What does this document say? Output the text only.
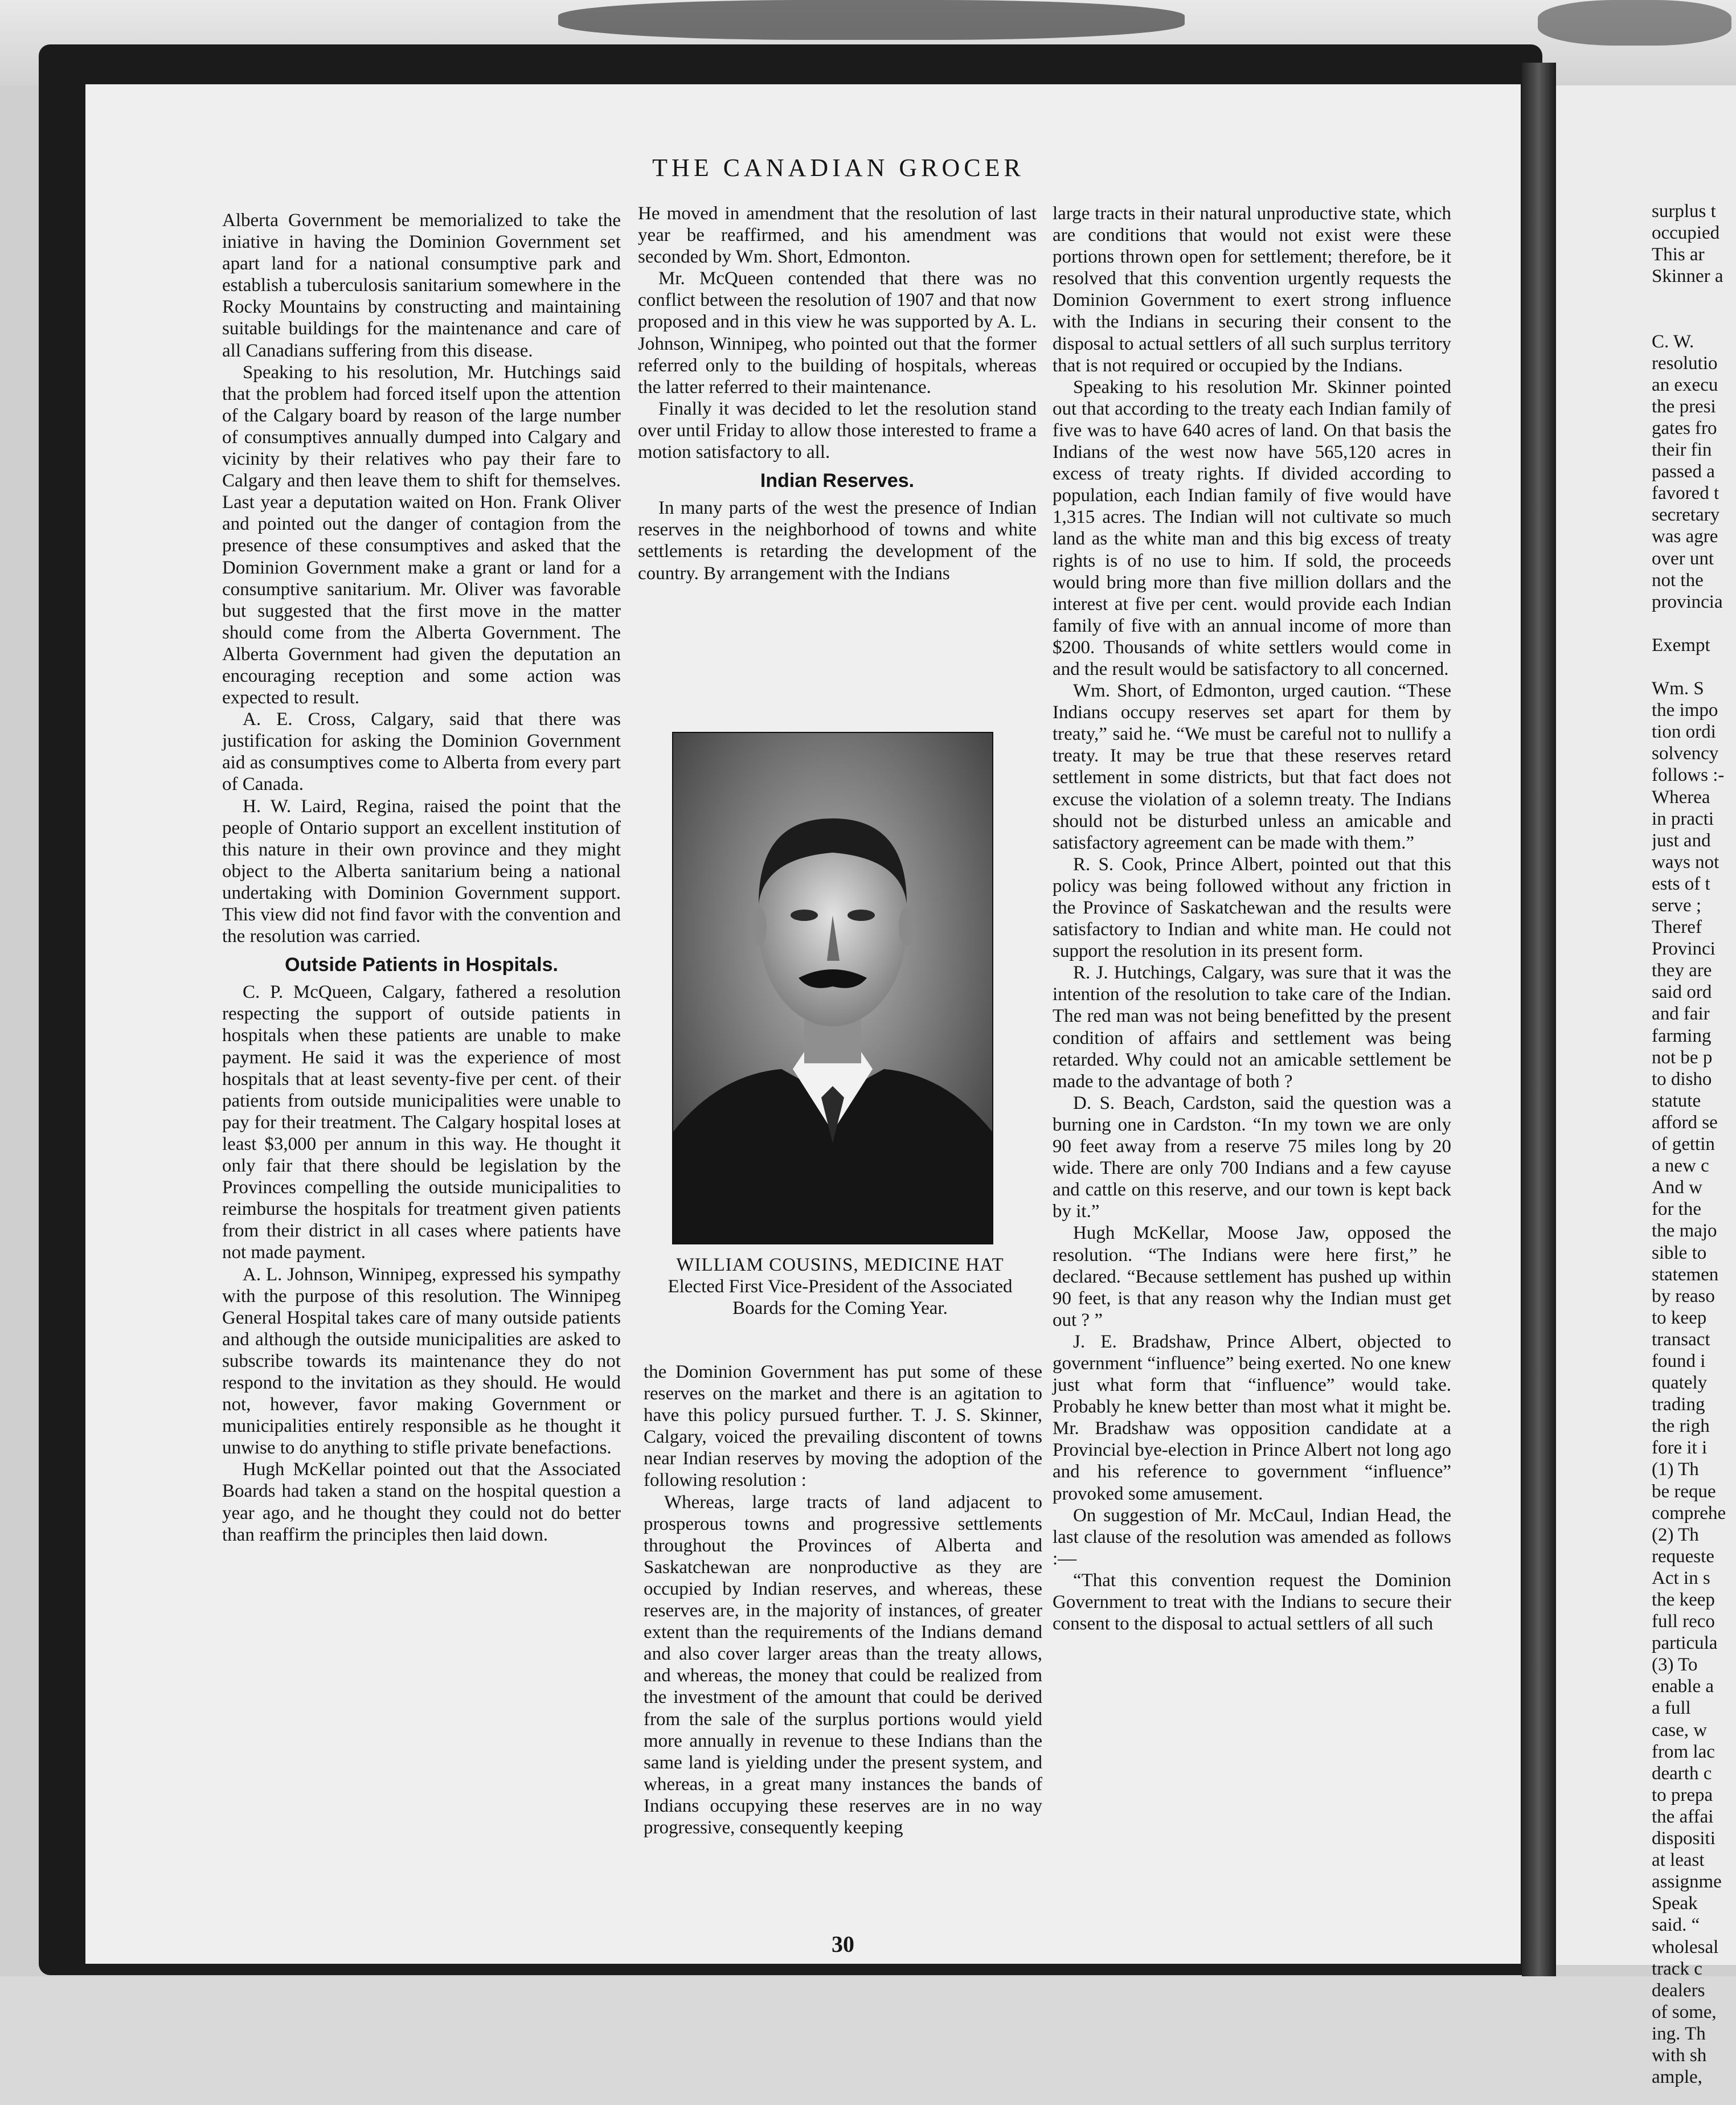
THE CANADIAN GROCER

Alberta Government be memorialized to take the iniative in having the Dominion Government set apart land for a national consumptive park and establish a tuberculosis sanitarium somewhere in the Rocky Mountains by constructing and maintaining suitable buildings for the maintenance and care of all Canadians suffering from this disease.

Speaking to his resolution, Mr. Hutchings said that the problem had forced itself upon the attention of the Calgary board by reason of the large number of consumptives annually dumped into Calgary and vicinity by their relatives who pay their fare to Calgary and then leave them to shift for themselves. Last year a deputation waited on Hon. Frank Oliver and pointed out the danger of contagion from the presence of these consumptives and asked that the Dominion Government make a grant or land for a consumptive sanitarium. Mr. Oliver was favorable but suggested that the first move in the matter should come from the Alberta Government. The Alberta Government had given the deputation an encouraging reception and some action was expected to result.

A. E. Cross, Calgary, said that there was justification for asking the Dominion Government aid as consumptives come to Alberta from every part of Canada.

H. W. Laird, Regina, raised the point that the people of Ontario support an excellent institution of this nature in their own province and they might object to the Alberta sanitarium being a national undertaking with Dominion Government support. This view did not find favor with the convention and the resolution was carried.

Outside Patients in Hospitals.

C. P. McQueen, Calgary, fathered a resolution respecting the support of outside patients in hospitals when these patients are unable to make payment. He said it was the experience of most hospitals that at least seventy-five per cent. of their patients from outside municipalities were unable to pay for their treatment. The Calgary hospital loses at least $3,000 per annum in this way. He thought it only fair that there should be legislation by the Provinces compelling the outside municipalities to reimburse the hospitals for treatment given patients from their district in all cases where patients have not made payment.

A. L. Johnson, Winnipeg, expressed his sympathy with the purpose of this resolution. The Winnipeg General Hospital takes care of many outside patients and although the outside municipalities are asked to subscribe towards its maintenance they do not respond to the invitation as they should. He would not, however, favor making Government or municipalities entirely responsible as he thought it unwise to do anything to stifle private benefactions.

Hugh McKellar pointed out that the Associated Boards had taken a stand on the hospital question a year ago, and he thought they could not do better than reaffirm the principles then laid down.

He moved in amendment that the resolution of last year be reaffirmed, and his amendment was seconded by Wm. Short, Edmonton.

Mr. McQueen contended that there was no conflict between the resolution of 1907 and that now proposed and in this view he was supported by A. L. Johnson, Winnipeg, who pointed out that the former referred only to the building of hospitals, whereas the latter referred to their maintenance.

Finally it was decided to let the resolution stand over until Friday to allow those interested to frame a motion satisfactory to all.

Indian Reserves.

In many parts of the west the presence of Indian reserves in the neighborhood of towns and white settlements is retarding the development of the country. By arrangement with the Indians

WILLIAM COUSINS, MEDICINE HAT
Elected First Vice-President of the Associated Boards for the Coming Year.

the Dominion Government has put some of these reserves on the market and there is an agitation to have this policy pursued further. T. J. S. Skinner, Calgary, voiced the prevailing discontent of towns near Indian reserves by moving the adoption of the following resolution :

Whereas, large tracts of land adjacent to prosperous towns and progressive settlements throughout the Provinces of Alberta and Saskatchewan are nonproductive as they are occupied by Indian reserves, and whereas, these reserves are, in the majority of instances, of greater extent than the requirements of the Indians demand and also cover larger areas than the treaty allows, and whereas, the money that could be realized from the investment of the amount that could be derived from the sale of the surplus portions would yield more annually in revenue to these Indians than the same land is yielding under the present system, and whereas, in a great many instances the bands of Indians occupying these reserves are in no way progressive, consequently keeping

large tracts in their natural unproductive state, which are conditions that would not exist were these portions thrown open for settlement; therefore, be it resolved that this convention urgently requests the Dominion Government to exert strong influence with the Indians in securing their consent to the disposal to actual settlers of all such surplus territory that is not required or occupied by the Indians.

Speaking to his resolution Mr. Skinner pointed out that according to the treaty each Indian family of five was to have 640 acres of land. On that basis the Indians of the west now have 565,120 acres in excess of treaty rights. If divided according to population, each Indian family of five would have 1,315 acres. The Indian will not cultivate so much land as the white man and this big excess of treaty rights is of no use to him. If sold, the proceeds would bring more than five million dollars and the interest at five per cent. would provide each Indian family of five with an annual income of more than $200. Thousands of white settlers would come in and the result would be satisfactory to all concerned.

Wm. Short, of Edmonton, urged caution. “These Indians occupy reserves set apart for them by treaty,” said he. “We must be careful not to nullify a treaty. It may be true that these reserves retard settlement in some districts, but that fact does not excuse the violation of a solemn treaty. The Indians should not be disturbed unless an amicable and satisfactory agreement can be made with them.”

R. S. Cook, Prince Albert, pointed out that this policy was being followed without any friction in the Province of Saskatchewan and the results were satisfactory to Indian and white man. He could not support the resolution in its present form.

R. J. Hutchings, Calgary, was sure that it was the intention of the resolution to take care of the Indian. The red man was not being benefitted by the present condition of affairs and settlement was being retarded. Why could not an amicable settlement be made to the advantage of both ?

D. S. Beach, Cardston, said the question was a burning one in Cardston. “In my town we are only 90 feet away from a reserve 75 miles long by 20 wide. There are only 700 Indians and a few cayuse and cattle on this reserve, and our town is kept back by it.”

Hugh McKellar, Moose Jaw, opposed the resolution. “The Indians were here first,” he declared. “Because settlement has pushed up within 90 feet, is that any reason why the Indian must get out ? ”

J. E. Bradshaw, Prince Albert, objected to government “influence” being exerted. No one knew just what form that “influence” would take. Probably he knew better than most what it might be. Mr. Bradshaw was opposition candidate at a Provincial bye-election in Prince Albert not long ago and his reference to government “influence” provoked some amusement.

On suggestion of Mr. McCaul, Indian Head, the last clause of the resolution was amended as follows :—

“That this convention request the Dominion Government to treat with the Indians to secure their consent to the disposal to actual settlers of all such

30
surplus t
occupied
This ar
Skinner a
C. W.
resolutio
an execu
the presi
gates fro
their fin
passed a
favored t
secretary
was agre
over unt
not the
provincia
Exempt
Wm. S
the impo
tion ordi
solvency
follows :-
Wherea
in practi
just and
ways not
ests of t
serve ;
Theref
Provinci
they are
said ord
and fair
farming
not be p
to disho
statute
afford se
of gettin
a new c
And w
for the
the majo
sible to
statemen
by reaso
to keep
transact
found i
quately
trading
the righ
fore it i
(1) Th
be reque
comprehe
(2) Th
requeste
Act in s
the keep
full reco
particula
(3) To
enable a
a full
case, w
from lac
dearth c
to prepa
the affai
dispositi
at least
assignme
Speak
said. “
wholesal
track c
dealers
of some,
ing. Th
with sh
ample,
